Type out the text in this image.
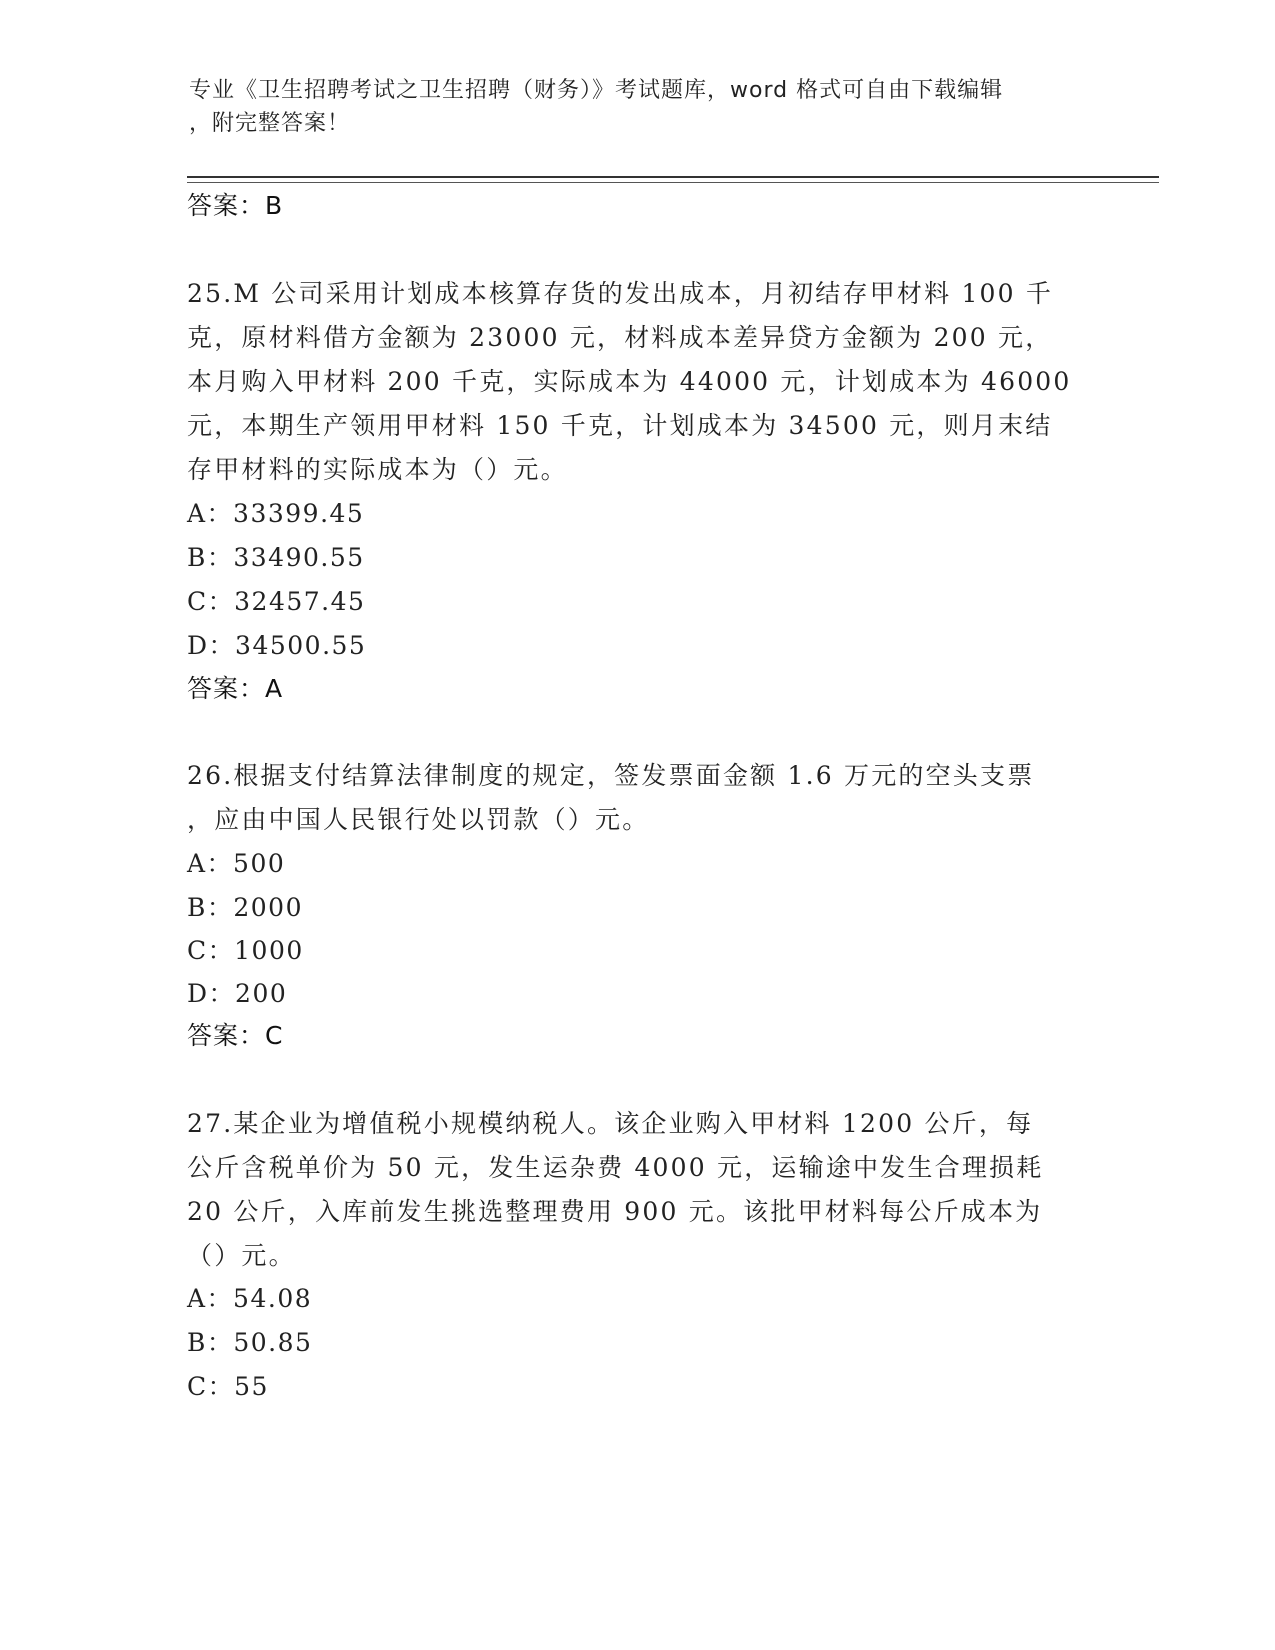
专业《卫生招聘考试之卫生招聘（财务）》考试题库，word 格式可自由下载编辑
，附完整答案！
答案：B
25.M 公司采用计划成本核算存货的发出成本，月初结存甲材料 100 千
克，原材料借方金额为 23000 元，材料成本差异贷方金额为 200 元，
本月购入甲材料 200 千克，实际成本为 44000 元，计划成本为 46000
元，本期生产领用甲材料 150 千克，计划成本为 34500 元，则月末结
存甲材料的实际成本为（）元。
A：33399.45
B：33490.55
C：32457.45
D：34500.55
答案：A
26.根据支付结算法律制度的规定，签发票面金额 1.6 万元的空头支票
，应由中国人民银行处以罚款（）元。
A：500
B：2000
C：1000
D：200
答案：C
27.某企业为增值税小规模纳税人。该企业购入甲材料 1200 公斤，每
公斤含税单价为 50 元，发生运杂费 4000 元，运输途中发生合理损耗
20 公斤，入库前发生挑选整理费用 900 元。该批甲材料每公斤成本为
（）元。
A：54.08
B：50.85
C：55
